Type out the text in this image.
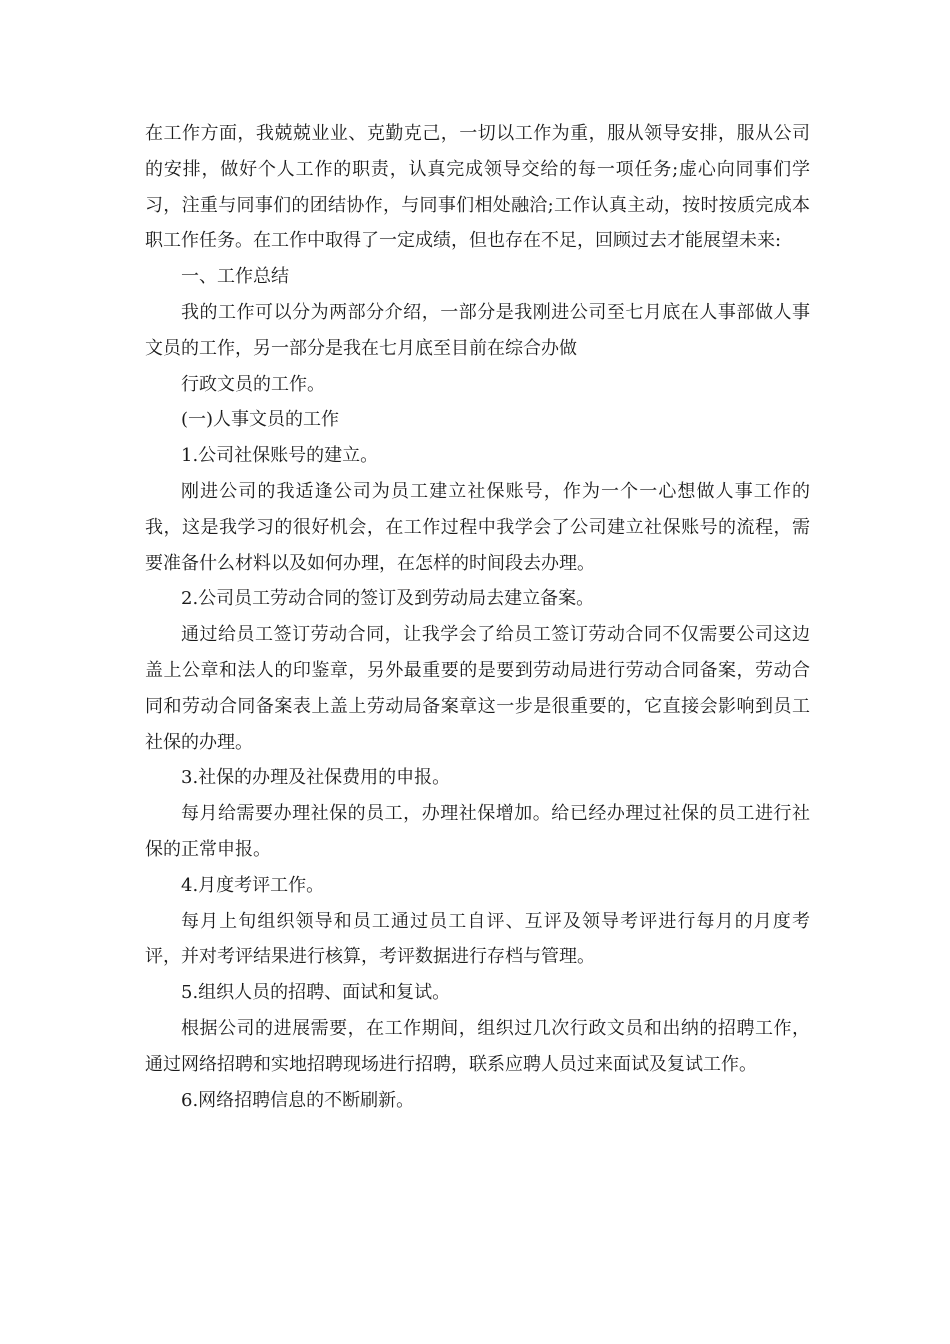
在工作方面，我兢兢业业、克勤克己，一切以工作为重，服从领导安排，服从公司的安排，做好个人工作的职责，认真完成领导交给的每一项任务;虚心向同事们学习，注重与同事们的团结协作，与同事们相处融洽;工作认真主动，按时按质完成本职工作任务。在工作中取得了一定成绩，但也存在不足，回顾过去才能展望未来:

一、工作总结

我的工作可以分为两部分介绍，一部分是我刚进公司至七月底在人事部做人事文员的工作，另一部分是我在七月底至目前在综合办做

行政文员的工作。

(一)人事文员的工作

1.公司社保账号的建立。

刚进公司的我适逢公司为员工建立社保账号，作为一个一心想做人事工作的我，这是我学习的很好机会，在工作过程中我学会了公司建立社保账号的流程，需要准备什么材料以及如何办理，在怎样的时间段去办理。

2.公司员工劳动合同的签订及到劳动局去建立备案。

通过给员工签订劳动合同，让我学会了给员工签订劳动合同不仅需要公司这边盖上公章和法人的印鉴章，另外最重要的是要到劳动局进行劳动合同备案，劳动合同和劳动合同备案表上盖上劳动局备案章这一步是很重要的，它直接会影响到员工社保的办理。

3.社保的办理及社保费用的申报。

每月给需要办理社保的员工，办理社保增加。给已经办理过社保的员工进行社保的正常申报。

4.月度考评工作。

每月上旬组织领导和员工通过员工自评、互评及领导考评进行每月的月度考评，并对考评结果进行核算，考评数据进行存档与管理。

5.组织人员的招聘、面试和复试。

根据公司的进展需要，在工作期间，组织过几次行政文员和出纳的招聘工作，通过网络招聘和实地招聘现场进行招聘，联系应聘人员过来面试及复试工作。

6.网络招聘信息的不断刷新。
